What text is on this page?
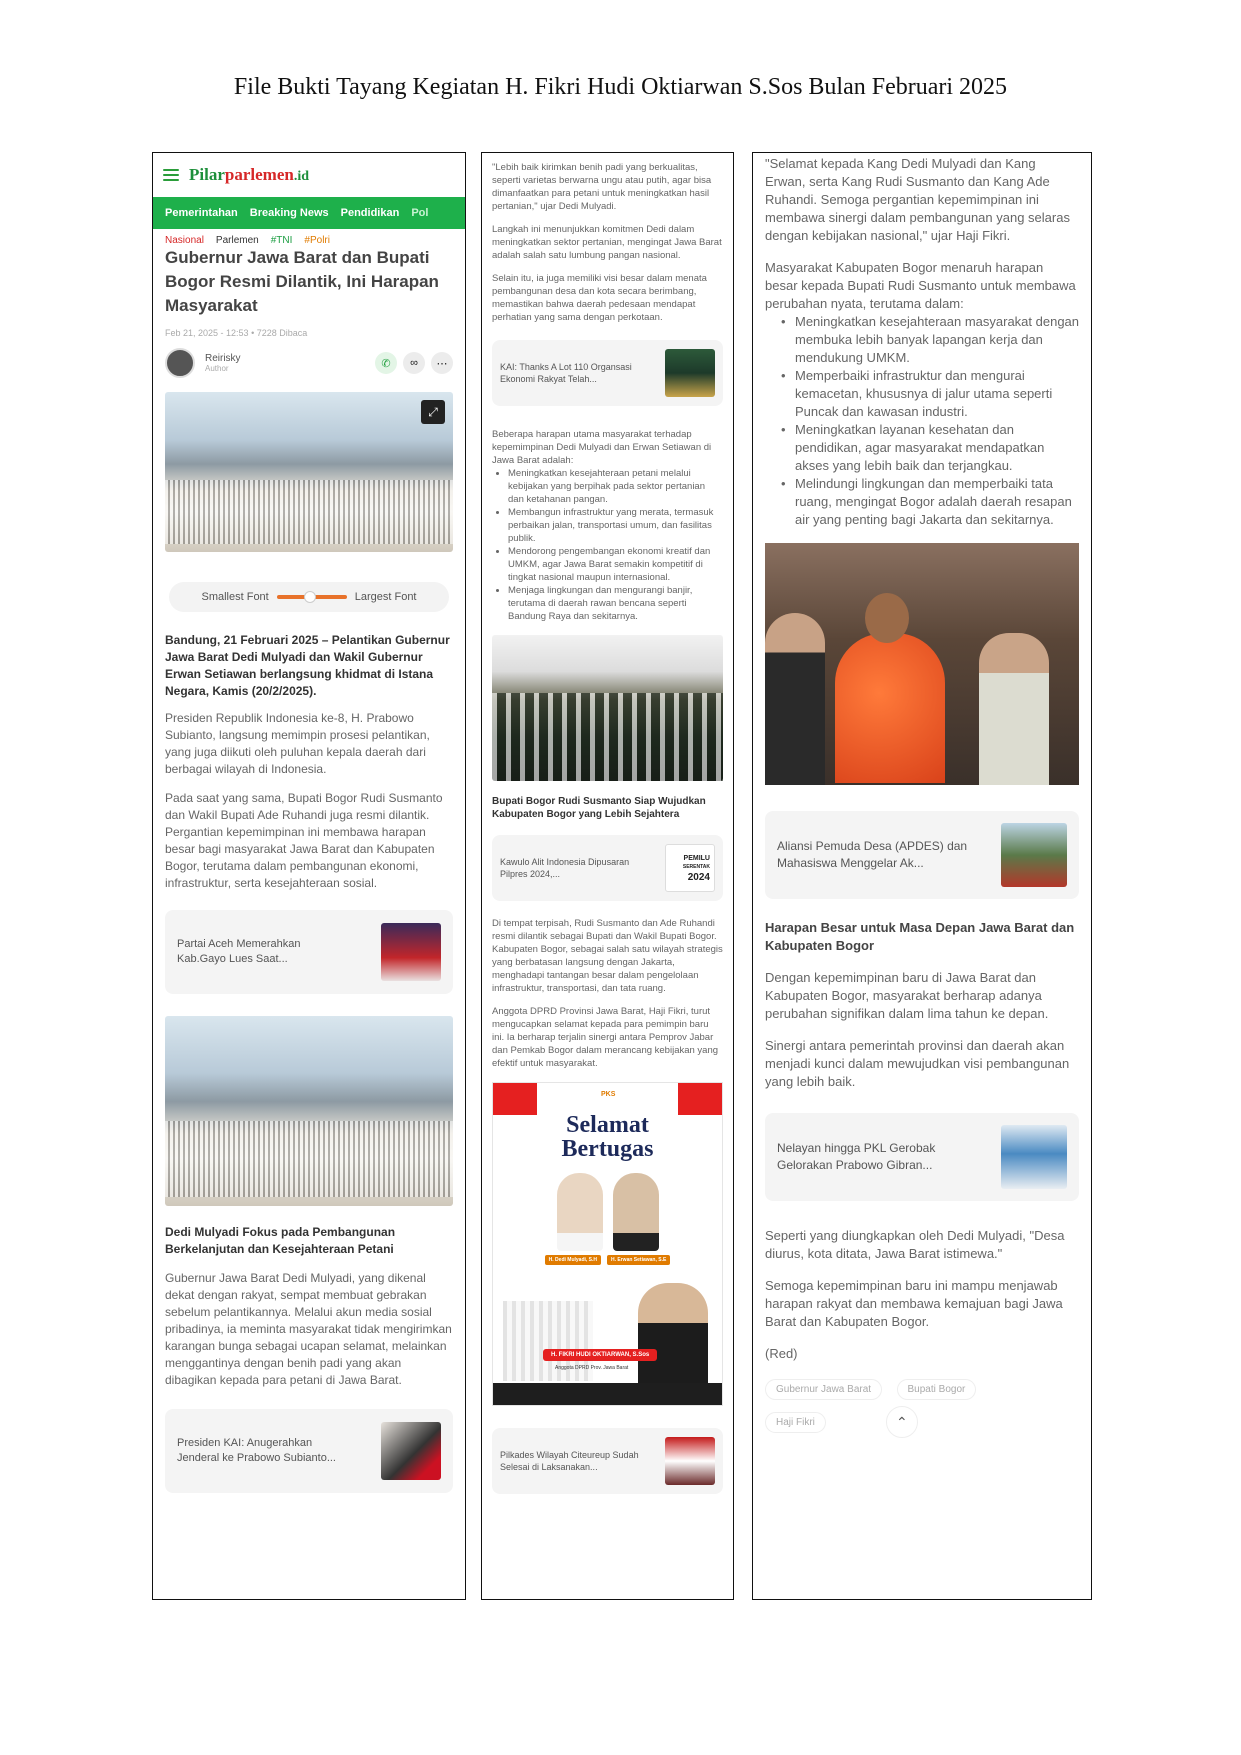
File Bukti Tayang Kegiatan H. Fikri Hudi Oktiarwan S.Sos Bulan Februari 2025
Pilarparlemen.id
Pemerintahan Breaking News Pendidikan Pol
Nasional Parlemen #TNI #Polri
Gubernur Jawa Barat dan Bupati Bogor Resmi Dilantik, Ini Harapan Masyarakat
Feb 21, 2025 - 12:53 • 7228 Dibaca
Reirisky
Author	✆	∞	⋯
⤢
Smallest Font	Largest Font
Bandung, 21 Februari 2025 – Pelantikan Gubernur Jawa Barat Dedi Mulyadi dan Wakil Gubernur Erwan Setiawan berlangsung khidmat di Istana Negara, Kamis (20/2/2025).
Presiden Republik Indonesia ke-8, H. Prabowo Subianto, langsung memimpin prosesi pelantikan, yang juga diikuti oleh puluhan kepala daerah dari berbagai wilayah di Indonesia.
Pada saat yang sama, Bupati Bogor Rudi Susmanto dan Wakil Bupati Ade Ruhandi juga resmi dilantik. Pergantian kepemimpinan ini membawa harapan besar bagi masyarakat Jawa Barat dan Kabupaten Bogor, terutama dalam pembangunan ekonomi, infrastruktur, serta kesejahteraan sosial.
Partai Aceh Memerahkan Kab.Gayo Lues Saat...
Dedi Mulyadi Fokus pada Pembangunan Berkelanjutan dan Kesejahteraan Petani
Gubernur Jawa Barat Dedi Mulyadi, yang dikenal dekat dengan rakyat, sempat membuat gebrakan sebelum pelantikannya. Melalui akun media sosial pribadinya, ia meminta masyarakat tidak mengirimkan karangan bunga sebagai ucapan selamat, melainkan menggantinya dengan benih padi yang akan dibagikan kepada para petani di Jawa Barat.
Presiden KAI: Anugerahkan Jenderal ke Prabowo Subianto...
"Lebih baik kirimkan benih padi yang berkualitas, seperti varietas berwarna ungu atau putih, agar bisa dimanfaatkan para petani untuk meningkatkan hasil pertanian," ujar Dedi Mulyadi.
Langkah ini menunjukkan komitmen Dedi dalam meningkatkan sektor pertanian, mengingat Jawa Barat adalah salah satu lumbung pangan nasional.
Selain itu, ia juga memiliki visi besar dalam menata pembangunan desa dan kota secara berimbang, memastikan bahwa daerah pedesaan mendapat perhatian yang sama dengan perkotaan.
KAI: Thanks A Lot 110 Organsasi Ekonomi Rakyat Telah...
Beberapa harapan utama masyarakat terhadap kepemimpinan Dedi Mulyadi dan Erwan Setiawan di Jawa Barat adalah:
• Meningkatkan kesejahteraan petani melalui kebijakan yang berpihak pada sektor pertanian dan ketahanan pangan.
• Membangun infrastruktur yang merata, termasuk perbaikan jalan, transportasi umum, dan fasilitas publik.
• Mendorong pengembangan ekonomi kreatif dan UMKM, agar Jawa Barat semakin kompetitif di tingkat nasional maupun internasional.
• Menjaga lingkungan dan mengurangi banjir, terutama di daerah rawan bencana seperti Bandung Raya dan sekitarnya.
Bupati Bogor Rudi Susmanto Siap Wujudkan Kabupaten Bogor yang Lebih Sejahtera
Kawulo Alit Indonesia Dipusaran Pilpres 2024,...
PEMILU
SERENTAK
2024
Di tempat terpisah, Rudi Susmanto dan Ade Ruhandi resmi dilantik sebagai Bupati dan Wakil Bupati Bogor. Kabupaten Bogor, sebagai salah satu wilayah strategis yang berbatasan langsung dengan Jakarta, menghadapi tantangan besar dalam pengelolaan infrastruktur, transportasi, dan tata ruang.
Anggota DPRD Provinsi Jawa Barat, Haji Fikri, turut mengucapkan selamat kepada para pemimpin baru ini. Ia berharap terjalin sinergi antara Pemprov Jabar dan Pemkab Bogor dalam merancang kebijakan yang efektif untuk masyarakat.
PKS
Selamat
Bertugas
H. Dedi Mulyadi, S.H	H. Erwan Setiawan, S.E
H. FIKRI HUDI OKTIARWAN, S.Sos
Anggota DPRD Prov. Jawa Barat
Pilkades Wilayah Citeureup Sudah Selesai di Laksanakan...
"Selamat kepada Kang Dedi Mulyadi dan Kang Erwan, serta Kang Rudi Susmanto dan Kang Ade Ruhandi. Semoga pergantian kepemimpinan ini membawa sinergi dalam pembangunan yang selaras dengan kebijakan nasional," ujar Haji Fikri.
Masyarakat Kabupaten Bogor menaruh harapan besar kepada Bupati Rudi Susmanto untuk membawa perubahan nyata, terutama dalam:
• Meningkatkan kesejahteraan masyarakat dengan membuka lebih banyak lapangan kerja dan mendukung UMKM.
• Memperbaiki infrastruktur dan mengurai kemacetan, khususnya di jalur utama seperti Puncak dan kawasan industri.
• Meningkatkan layanan kesehatan dan pendidikan, agar masyarakat mendapatkan akses yang lebih baik dan terjangkau.
• Melindungi lingkungan dan memperbaiki tata ruang, mengingat Bogor adalah daerah resapan air yang penting bagi Jakarta dan sekitarnya.
Aliansi Pemuda Desa (APDES) dan Mahasiswa Menggelar Ak...
Harapan Besar untuk Masa Depan Jawa Barat dan Kabupaten Bogor
Dengan kepemimpinan baru di Jawa Barat dan Kabupaten Bogor, masyarakat berharap adanya perubahan signifikan dalam lima tahun ke depan.
Sinergi antara pemerintah provinsi dan daerah akan menjadi kunci dalam mewujudkan visi pembangunan yang lebih baik.
Nelayan hingga PKL Gerobak Gelorakan Prabowo Gibran...
Seperti yang diungkapkan oleh Dedi Mulyadi, "Desa diurus, kota ditata, Jawa Barat istimewa."
Semoga kepemimpinan baru ini mampu menjawab harapan rakyat dan membawa kemajuan bagi Jawa Barat dan Kabupaten Bogor.
(Red)
Gubernur Jawa Barat	Bupati Bogor
Haji Fikri	⌃
